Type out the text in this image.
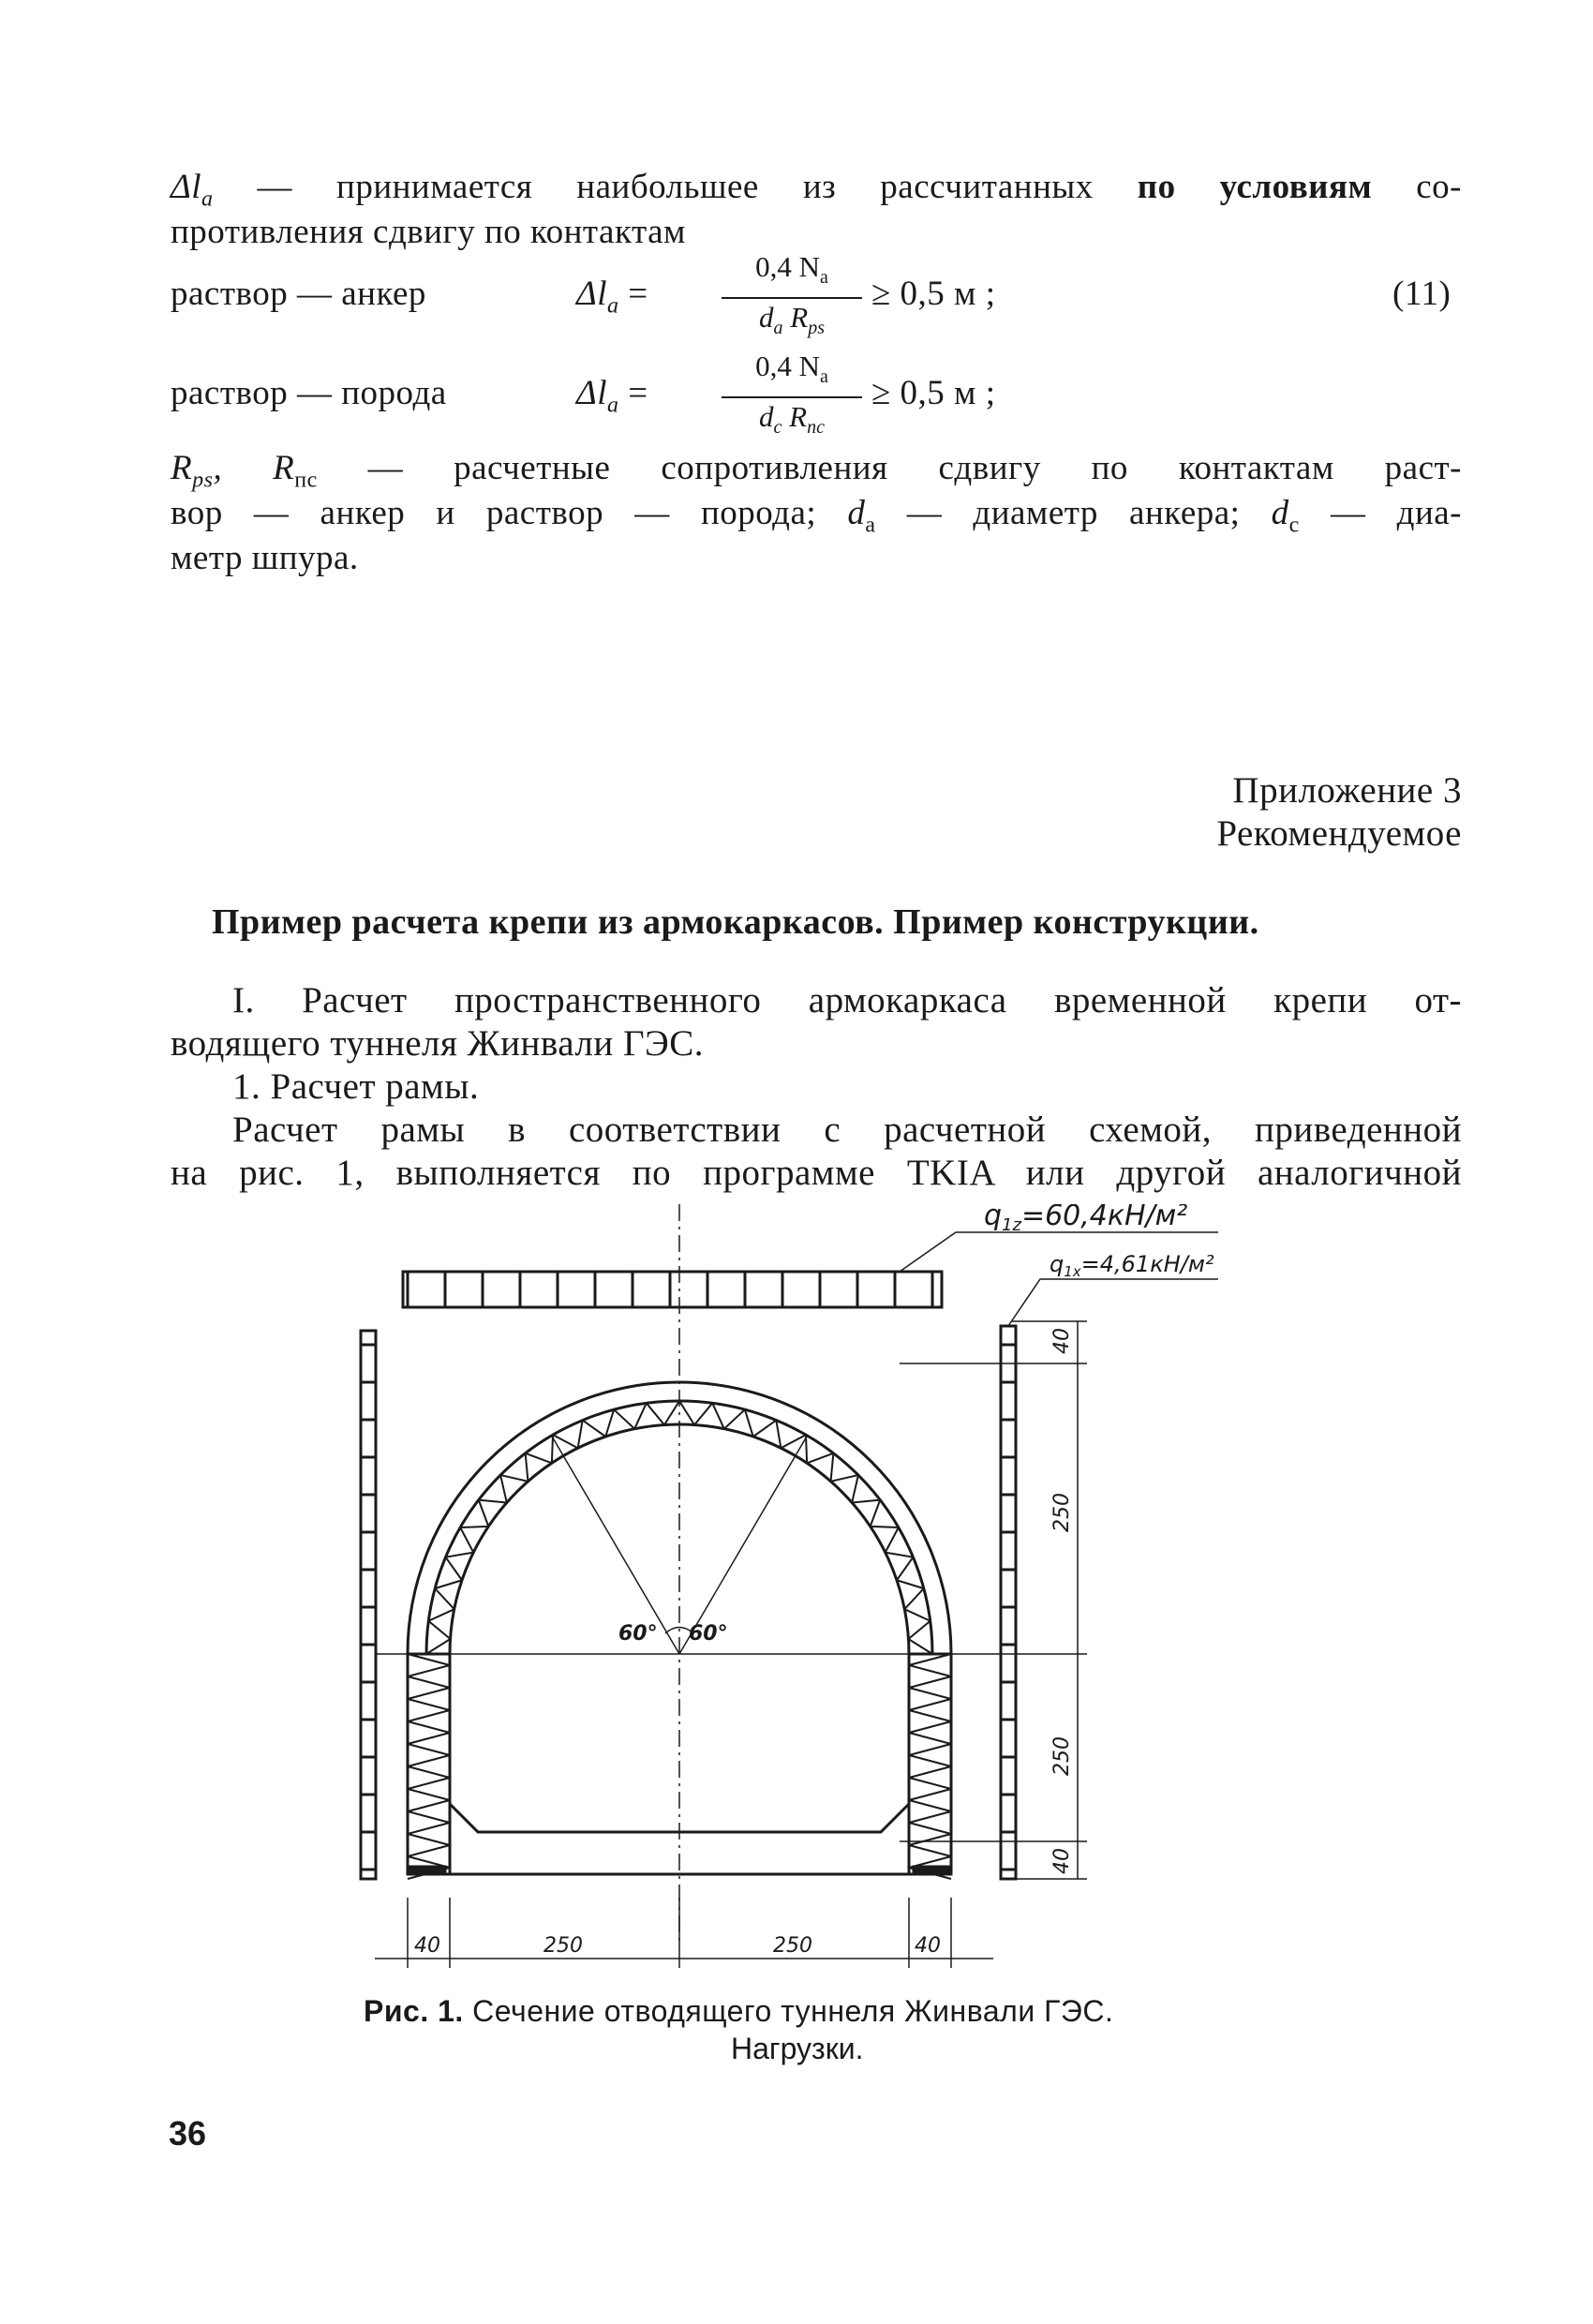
$\Delta l_a$ — принимается наибольшее из рассчитанных по условиям со-
противления сдвигу по контактам
раствор — анкер	$\Delta l_a$ =
0,4 $N_a$
$d_a$ $R_{ps}$
≥ 0,5 м ;	(11)
раствор — порода	$\Delta l_a$ =
0,4 $N_a$
$d_c$ $R_{пс}$
≥ 0,5 м ;
$R_{ps}$, $R_{пс}$ — расчетные сопротивления сдвигу по контактам раст-
вор — анкер и раствор — порода; $d_a$ — диаметр анкера; $d_c$ — диа-
метр шпура.
Приложение 3
Рекомендуемое
Пример расчета крепи из армокаркасов. Пример конструкции.
I. Расчет пространственного армокаркаса временной крепи от-
водящего туннеля Жинвали ГЭС.
1. Расчет рамы.
Расчет рамы в соответствии с расчетной схемой, приведенной
на рис. 1, выполняется по программе TKIA или другой аналогичной
$q_{1z}=60,4кН/м^2$
$q_{1x}=4,61кН/м^2$
60° 60°
40
250
250
40
40	250	250	40
Рис. 1. Сечение отводящего туннеля Жинвали ГЭС.
Нагрузки.
36
